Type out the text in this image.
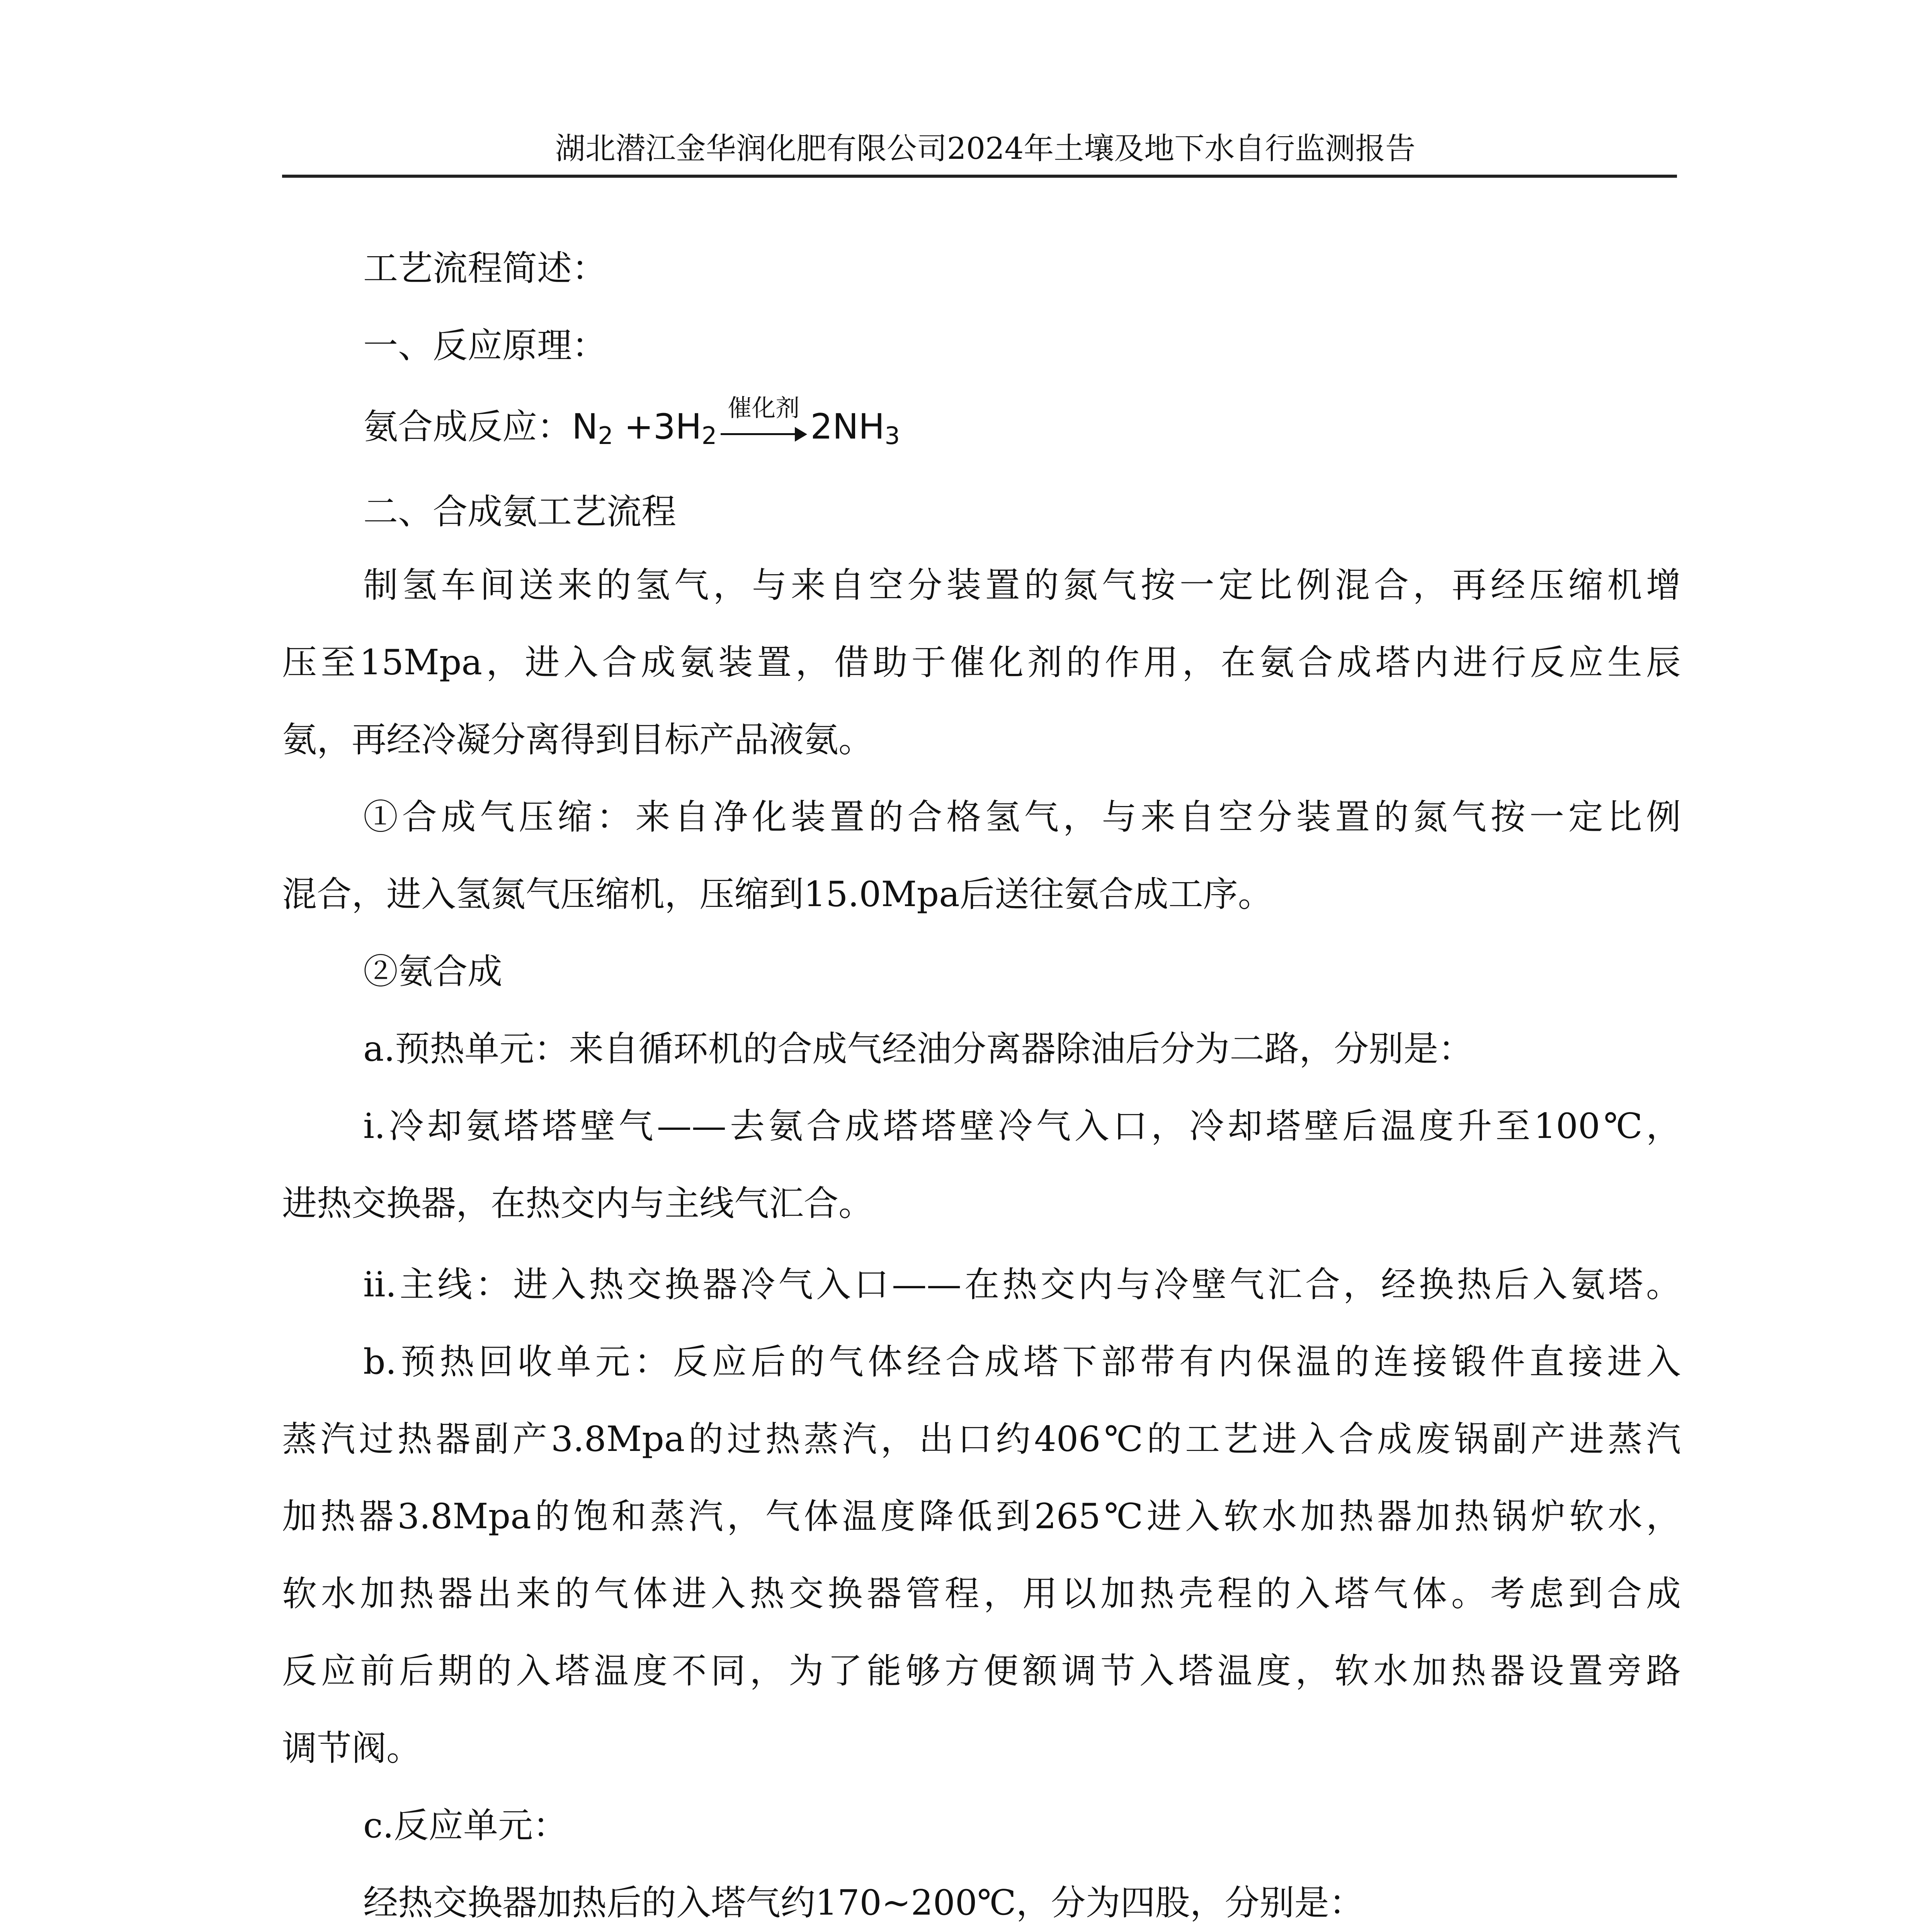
湖北潜江金华润化肥有限公司2024年土壤及地下水自行监测报告
工艺流程简述：
一、反应原理：
氨合成反应：N2 +3H2
催化剂 2NH3
二、合成氨工艺流程
制氢车间送来的氢气，与来自空分装置的氮气按一定比例混合，再经压缩机增
压至15Mpa，进入合成氨装置，借助于催化剂的作用，在氨合成塔内进行反应生辰
氨，再经冷凝分离得到目标产品液氨。
①合成气压缩：来自净化装置的合格氢气，与来自空分装置的氮气按一定比例
混合，进入氢氮气压缩机，压缩到15.0Mpa后送往氨合成工序。
②氨合成
a.预热单元：来自循环机的合成气经油分离器除油后分为二路，分别是：
i.冷却氨塔塔壁气——去氨合成塔塔壁冷气入口，冷却塔壁后温度升至100℃，
进热交换器，在热交内与主线气汇合。
ii.主线：进入热交换器冷气入口——在热交内与冷壁气汇合，经换热后入氨塔。
b.预热回收单元：反应后的气体经合成塔下部带有内保温的连接锻件直接进入
蒸汽过热器副产3.8Mpa的过热蒸汽，出口约406℃的工艺进入合成废锅副产进蒸汽
加热器3.8Mpa的饱和蒸汽，气体温度降低到265℃进入软水加热器加热锅炉软水，
软水加热器出来的气体进入热交换器管程，用以加热壳程的入塔气体。考虑到合成
反应前后期的入塔温度不同，为了能够方便额调节入塔温度，软水加热器设置旁路
调节阀。
c.反应单元：
经热交换器加热后的入塔气约170~200℃，分为四股，分别是：
